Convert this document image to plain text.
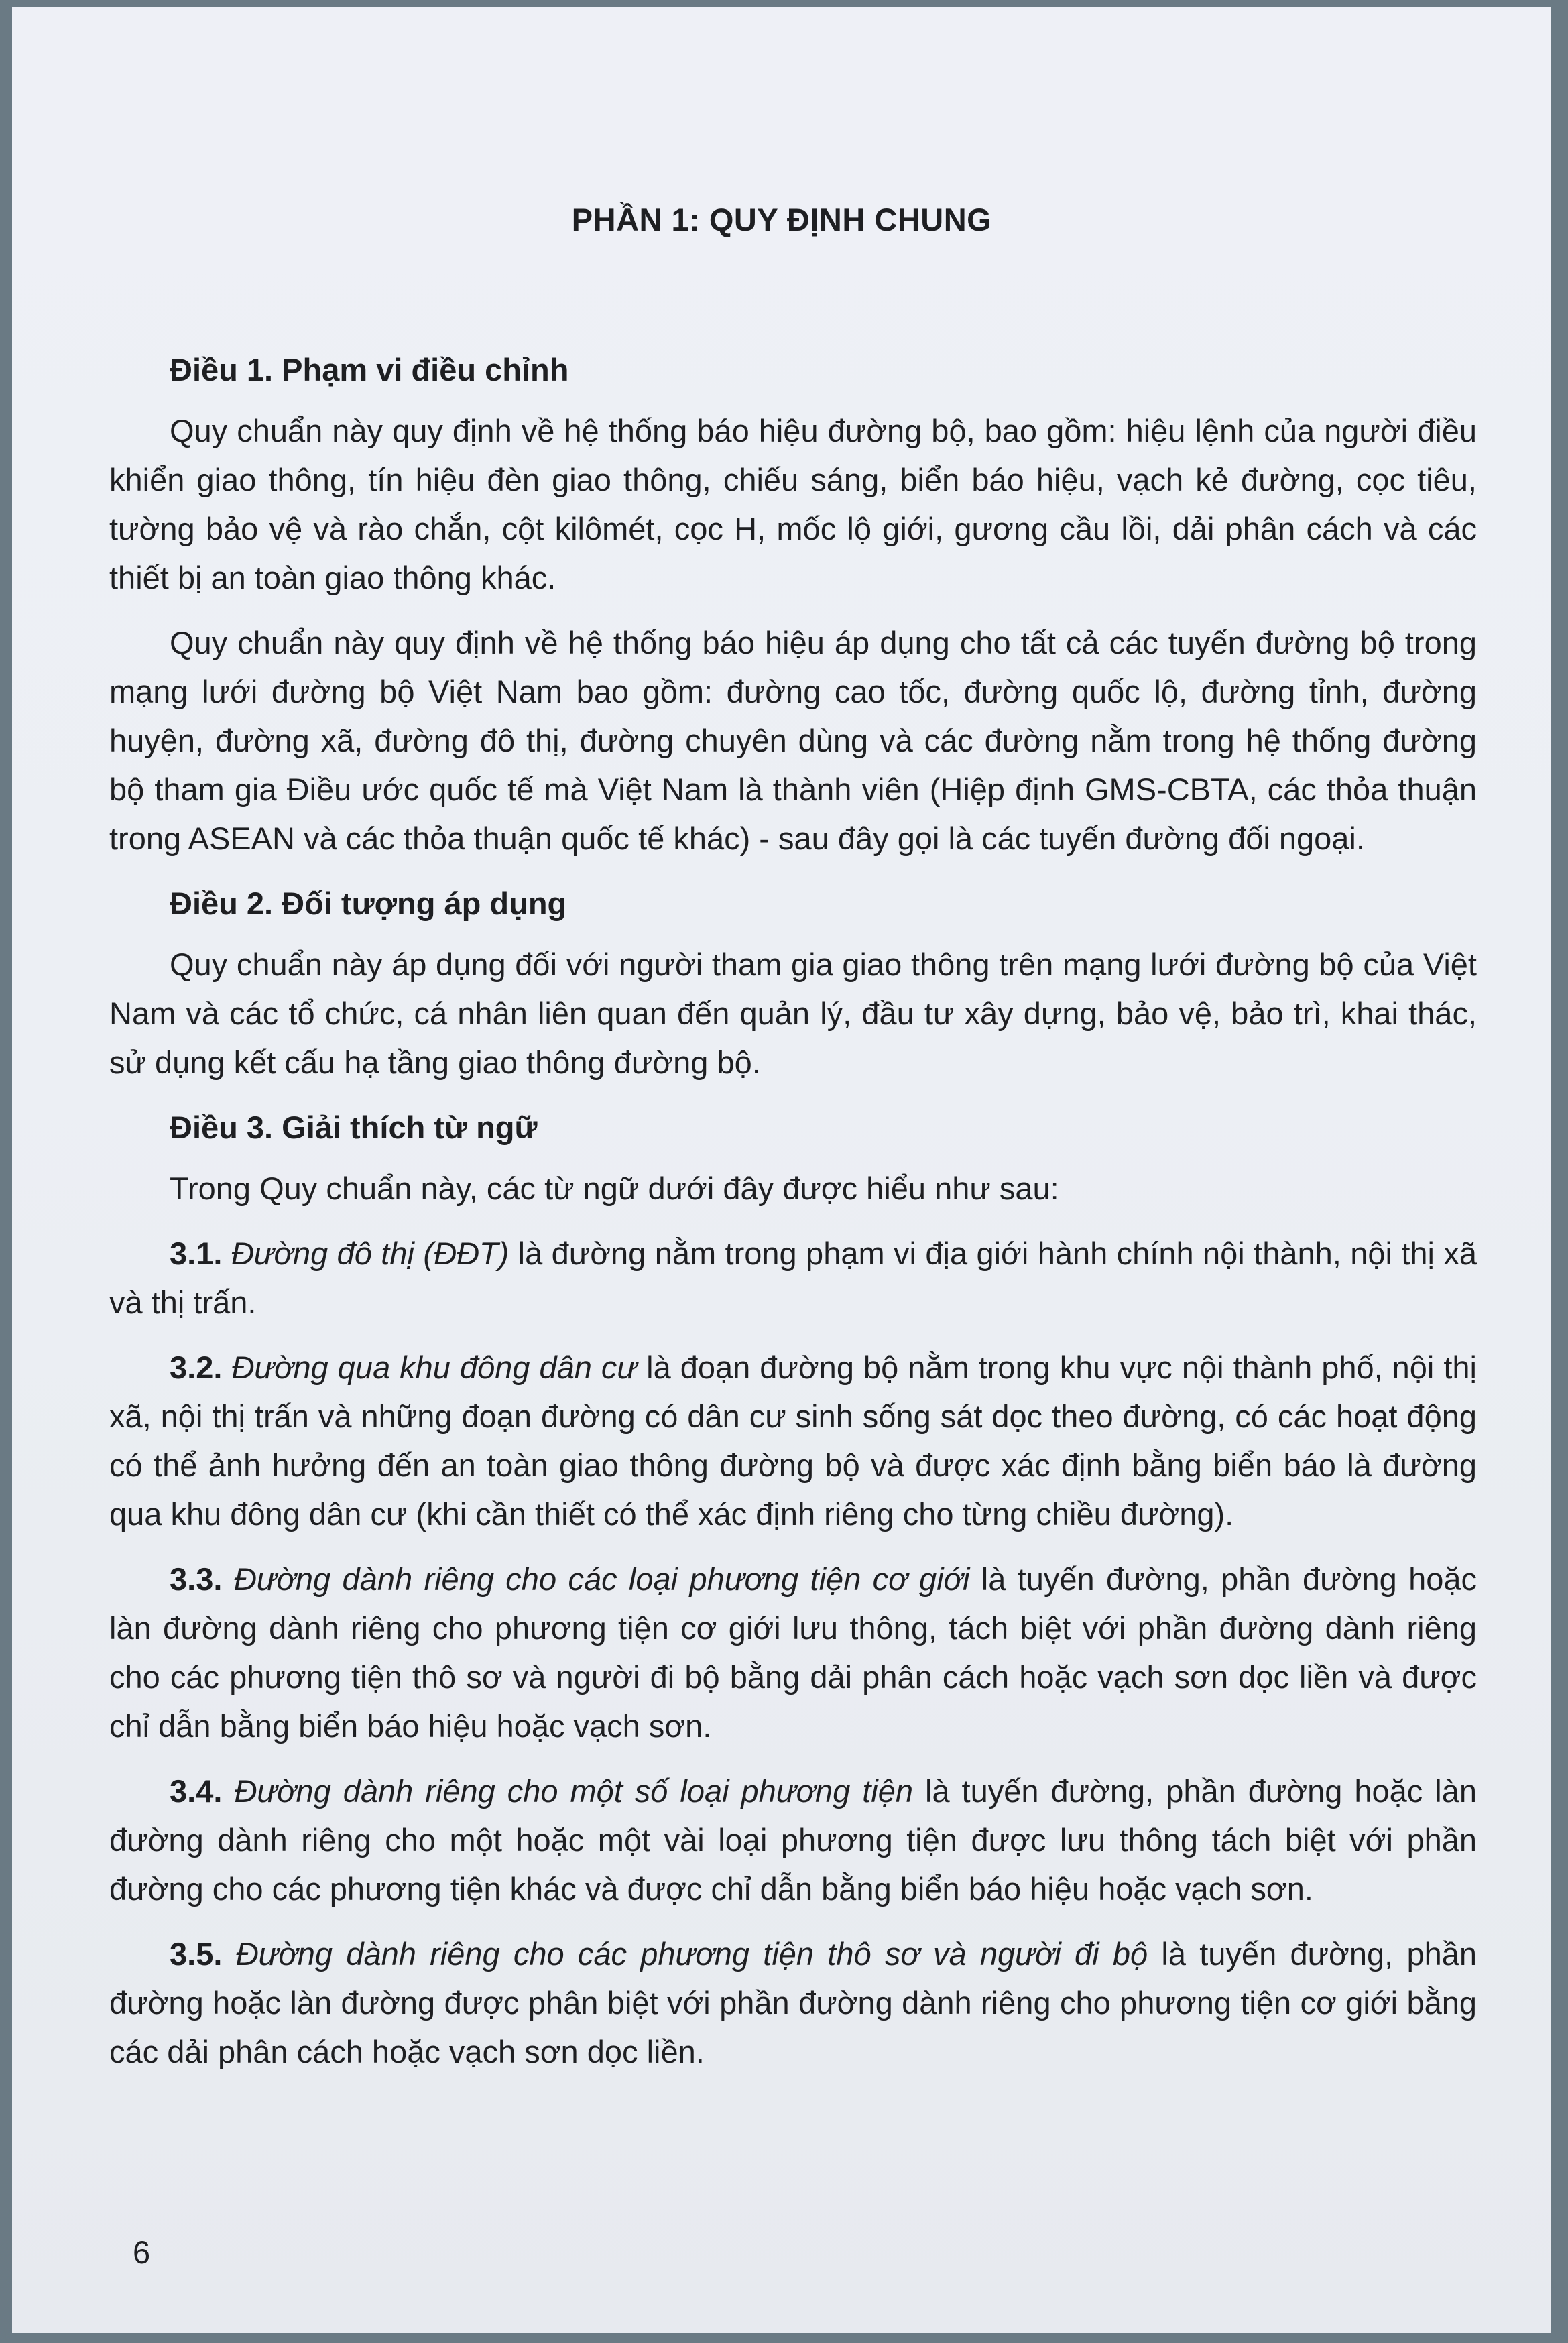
PHẦN 1: QUY ĐỊNH CHUNG
Điều 1. Phạm vi điều chỉnh

Quy chuẩn này quy định về hệ thống báo hiệu đường bộ, bao gồm: hiệu lệnh của người điều khiển giao thông, tín hiệu đèn giao thông, chiếu sáng, biển báo hiệu, vạch kẻ đường, cọc tiêu, tường bảo vệ và rào chắn, cột kilômét, cọc H, mốc lộ giới, gương cầu lồi, dải phân cách và các thiết bị an toàn giao thông khác.

Quy chuẩn này quy định về hệ thống báo hiệu áp dụng cho tất cả các tuyến đường bộ trong mạng lưới đường bộ Việt Nam bao gồm: đường cao tốc, đường quốc lộ, đường tỉnh, đường huyện, đường xã, đường đô thị, đường chuyên dùng và các đường nằm trong hệ thống đường bộ tham gia Điều ước quốc tế mà Việt Nam là thành viên (Hiệp định GMS-CBTA, các thỏa thuận trong ASEAN và các thỏa thuận quốc tế khác) - sau đây gọi là các tuyến đường đối ngoại.

Điều 2. Đối tượng áp dụng

Quy chuẩn này áp dụng đối với người tham gia giao thông trên mạng lưới đường bộ của Việt Nam và các tổ chức, cá nhân liên quan đến quản lý, đầu tư xây dựng, bảo vệ, bảo trì, khai thác, sử dụng kết cấu hạ tầng giao thông đường bộ.

Điều 3. Giải thích từ ngữ

Trong Quy chuẩn này, các từ ngữ dưới đây được hiểu như sau:

3.1. Đường đô thị (ĐĐT) là đường nằm trong phạm vi địa giới hành chính nội thành, nội thị xã và thị trấn.

3.2. Đường qua khu đông dân cư là đoạn đường bộ nằm trong khu vực nội thành phố, nội thị xã, nội thị trấn và những đoạn đường có dân cư sinh sống sát dọc theo đường, có các hoạt động có thể ảnh hưởng đến an toàn giao thông đường bộ và được xác định bằng biển báo là đường qua khu đông dân cư (khi cần thiết có thể xác định riêng cho từng chiều đường).

3.3. Đường dành riêng cho các loại phương tiện cơ giới là tuyến đường, phần đường hoặc làn đường dành riêng cho phương tiện cơ giới lưu thông, tách biệt với phần đường dành riêng cho các phương tiện thô sơ và người đi bộ bằng dải phân cách hoặc vạch sơn dọc liền và được chỉ dẫn bằng biển báo hiệu hoặc vạch sơn.

3.4. Đường dành riêng cho một số loại phương tiện là tuyến đường, phần đường hoặc làn đường dành riêng cho một hoặc một vài loại phương tiện được lưu thông tách biệt với phần đường cho các phương tiện khác và được chỉ dẫn bằng biển báo hiệu hoặc vạch sơn.

3.5. Đường dành riêng cho các phương tiện thô sơ và người đi bộ là tuyến đường, phần đường hoặc làn đường được phân biệt với phần đường dành riêng cho phương tiện cơ giới bằng các dải phân cách hoặc vạch sơn dọc liền.

6
